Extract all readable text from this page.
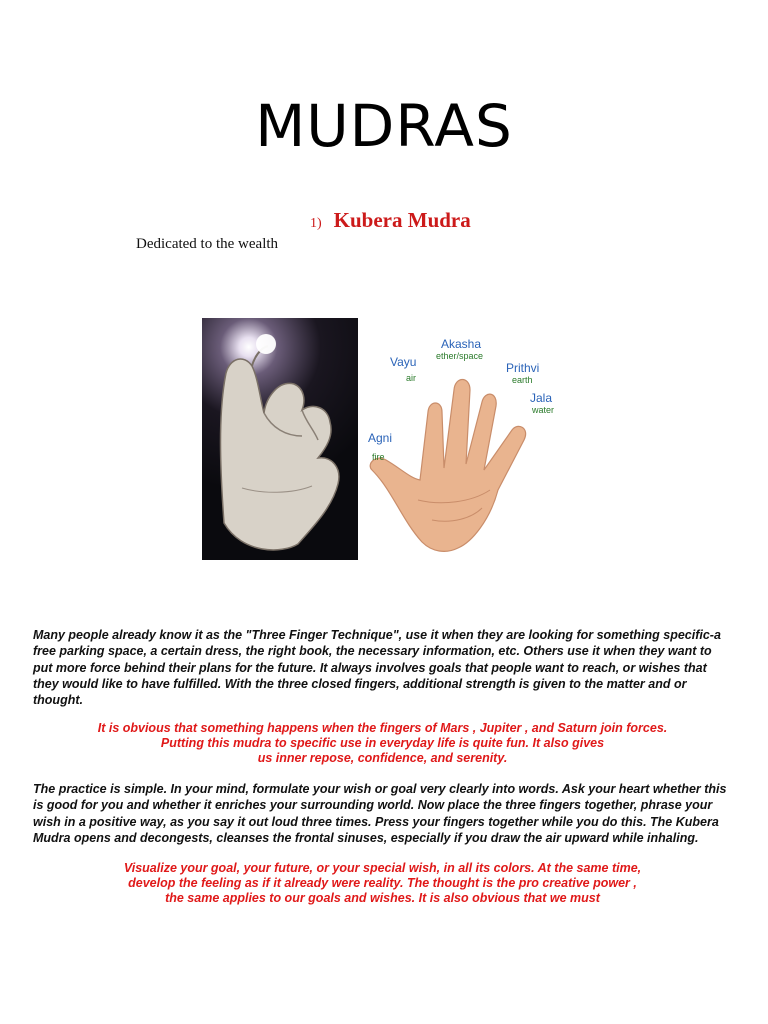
MUDRAS
1) Kubera Mudra
Dedicated to the wealth
Agni
fire
Vayu
air
Akasha
ether/space
Prithvi
earth
Jala
water
Many people already know it as the "Three Finger Technique", use it when they are looking for something specific-a free parking space, a certain dress, the right book, the necessary information, etc. Others use it when they want to put more force behind their plans for the future. It always involves goals that people want to reach, or wishes that they would like to have fulfilled. With the three closed fingers, additional strength is given to the matter and or thought.
It is obvious that something happens when the fingers of Mars , Jupiter , and Saturn join forces.
Putting this mudra to specific use in everyday life is quite fun. It also gives
us inner repose, confidence, and serenity.
The practice is simple. In your mind, formulate your wish or goal very clearly into words. Ask your heart whether this is good for you and whether it enriches your surrounding world. Now place the three fingers together, phrase your wish in a positive way, as you say it out loud three times. Press your fingers together while you do this. The Kubera Mudra opens and decongests, cleanses the frontal sinuses, especially if you draw the air upward while inhaling.
Visualize your goal, your future, or your special wish, in all its colors. At the same time,
develop the feeling as if it already were reality. The thought is the pro creative power ,
the same applies to our goals and wishes. It is also obvious that we must
